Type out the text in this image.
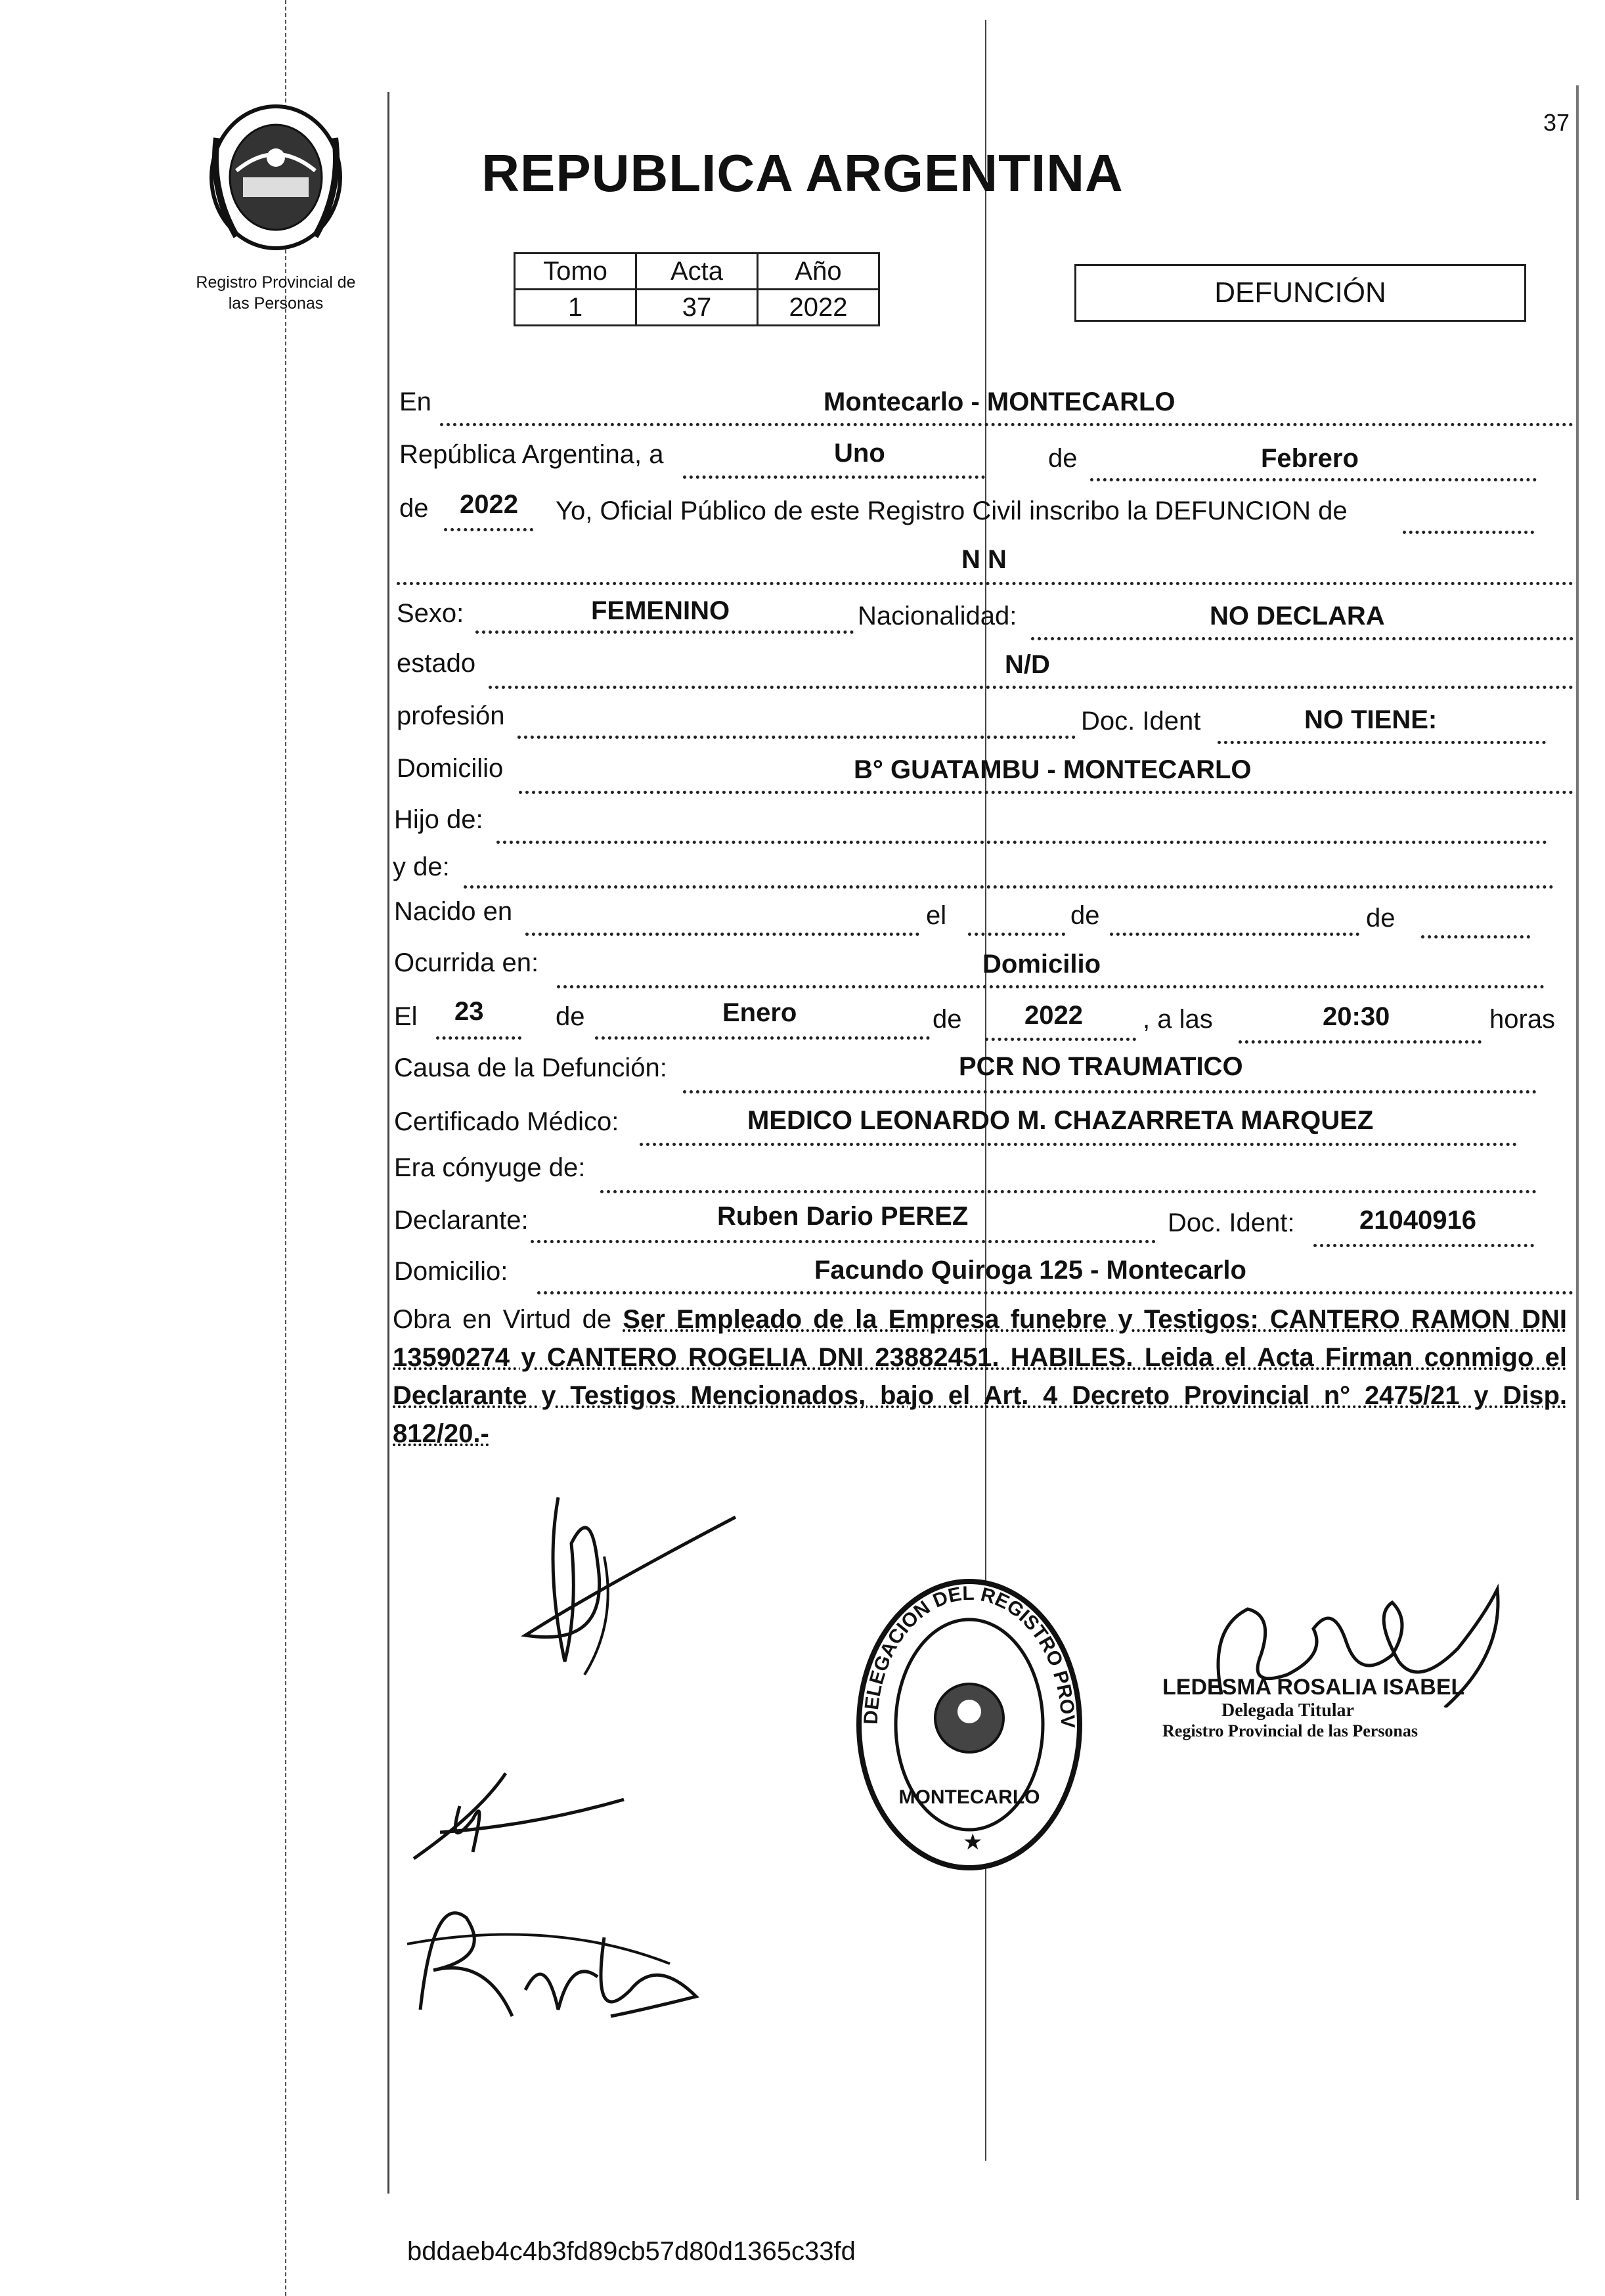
Registro Provincial de
las Personas
37
REPUBLICA ARGENTINA
Tomo	Acta	Año
1	37	2022	DEFUNCIÓN
En	Montecarlo - MONTECARLO
República Argentina, a	Uno	de	Febrero
de 2022 Yo, Oficial Público de este Registro Civil inscribo la DEFUNCION de
N N
Sexo:	FEMENINO	Nacionalidad:	NO DECLARA
estado	N/D
profesión	Doc. Ident	NO TIENE:
Domicilio	B° GUATAMBU - MONTECARLO
Hijo de:
y de:
Nacido en	el	de	de
Ocurrida en:	Domicilio
El 23	de	Enero	de 2022 , a las	20:30	horas
Causa de la Defunción:	PCR NO TRAUMATICO
Certificado Médico:	MEDICO LEONARDO M. CHAZARRETA MARQUEZ
Era cónyuge de:
Declarante:	Ruben Dario PEREZ	Doc. Ident: 21040916
Domicilio:	Facundo Quiroga 125 - Montecarlo
Obra en Virtud de Ser Empleado de la Empresa funebre y Testigos: CANTERO RAMON DNI 13590274 y CANTERO ROGELIA DNI 23882451. HABILES. Leida el Acta Firman conmigo el Declarante y Testigos Mencionados, bajo el Art. 4 Decreto Provincial n° 2475/21 y Disp. 812/20.-
DELEGACION DEL REGISTRO PROV
MONTECARLO
★
LEDESMA ROSALIA ISABEL
Delegada Titular
Registro Provincial de las Personas
bddaeb4c4b3fd89cb57d80d1365c33fd
